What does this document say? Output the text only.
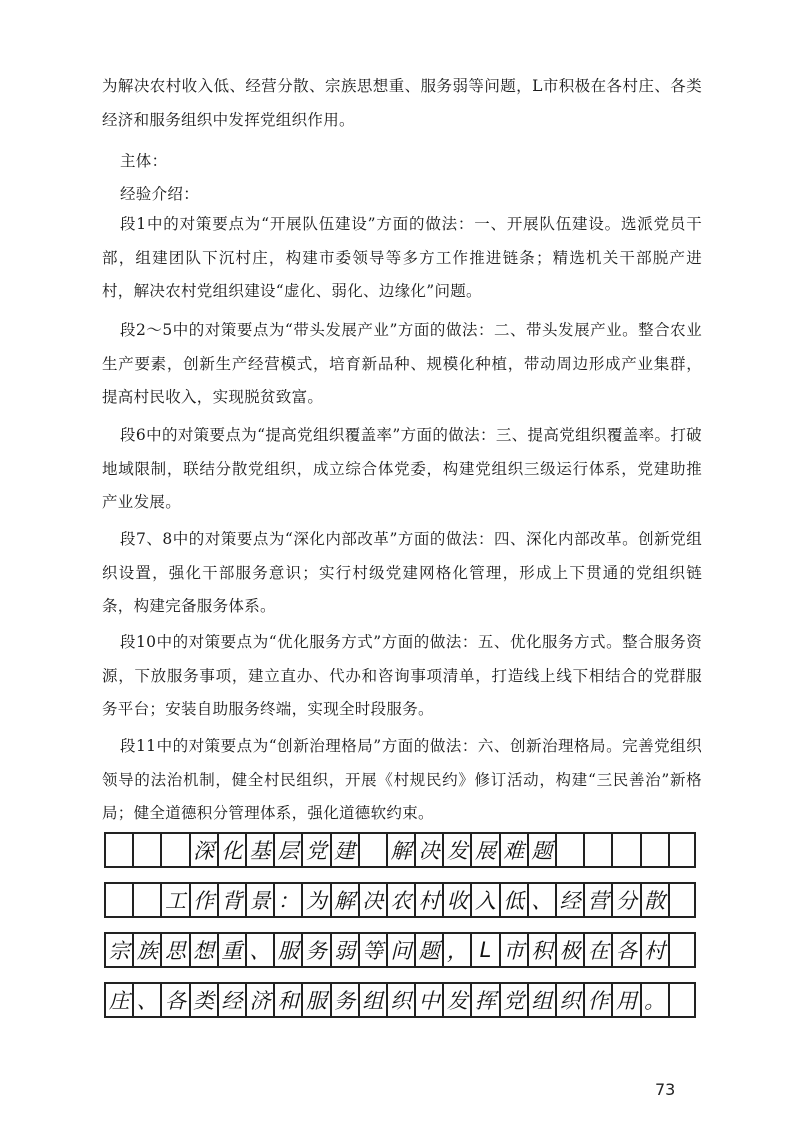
为解决农村收入低、经营分散、宗族思想重、服务弱等问题，L市积极在各村庄、各类经济和服务组织中发挥党组织作用。

主体：

经验介绍：

段1中的对策要点为“开展队伍建设”方面的做法：一、开展队伍建设。选派党员干部，组建团队下沉村庄，构建市委领导等多方工作推进链条；精选机关干部脱产进村，解决农村党组织建设“虚化、弱化、边缘化”问题。

段2～5中的对策要点为“带头发展产业”方面的做法：二、带头发展产业。整合农业生产要素，创新生产经营模式，培育新品种、规模化种植，带动周边形成产业集群，提高村民收入，实现脱贫致富。

段6中的对策要点为“提高党组织覆盖率”方面的做法：三、提高党组织覆盖率。打破地域限制，联结分散党组织，成立综合体党委，构建党组织三级运行体系，党建助推产业发展。

段7、8中的对策要点为“深化内部改革”方面的做法：四、深化内部改革。创新党组织设置，强化干部服务意识；实行村级党建网格化管理，形成上下贯通的党组织链条，构建完备服务体系。

段10中的对策要点为“优化服务方式”方面的做法：五、优化服务方式。整合服务资源，下放服务事项，建立直办、代办和咨询事项清单，打造线上线下相结合的党群服务平台；安装自助服务终端，实现全时段服务。

段11中的对策要点为“创新治理格局”方面的做法：六、创新治理格局。完善党组织领导的法治机制，健全村民组织，开展《村规民约》修订活动，构建“三民善治”新格局；健全道德积分管理体系，强化道德软约束。

深 化 基 层 党 建 解 决 发 展 难 题
工 作 背 景 ： 为 解 决 农 村 收 入 低 、 经 营 分 散
宗 族 思 想 重 、 服 务 弱 等 问 题 ， L 市 积 极 在 各 村
庄 、 各 类 经 济 和 服 务 组 织 中 发 挥 党 组 织 作 用 。
73
